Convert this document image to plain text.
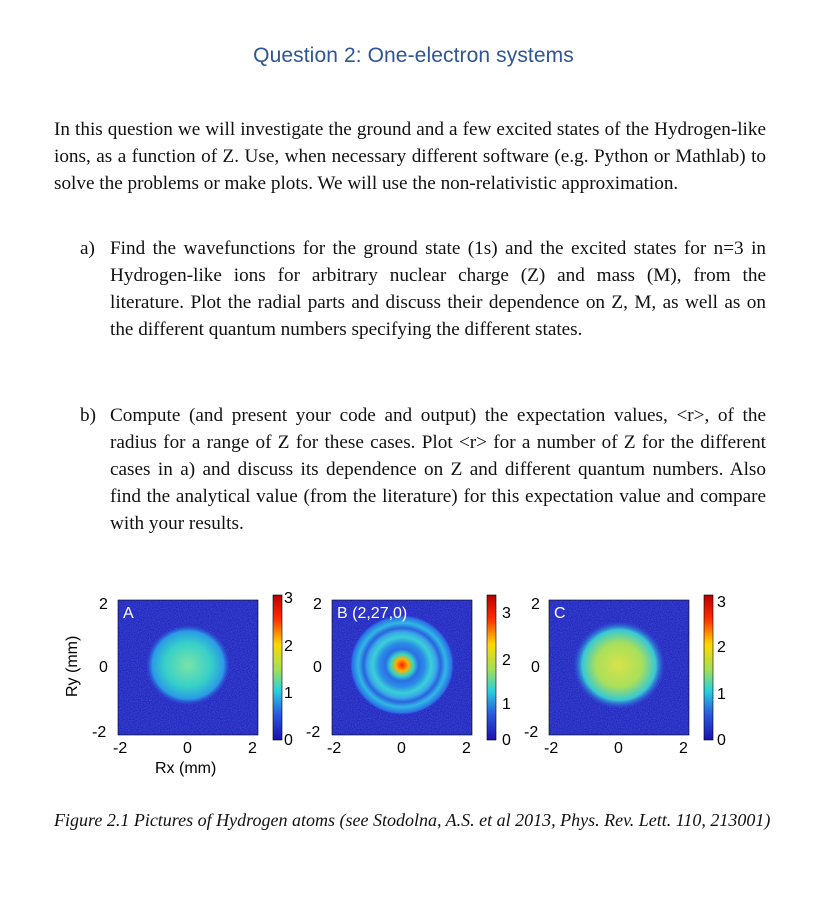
Question 2: One-electron systems
In this question we will investigate the ground and a few excited states of the Hydrogen-like ions, as a function of Z. Use, when necessary different software (e.g. Python or Mathlab) to solve the problems or make plots. We will use the non-relativistic approximation.
a) Find the wavefunctions for the ground state (1s) and the excited states for n=3 in Hydrogen-like ions for arbitrary nuclear charge (Z) and mass (M), from the literature. Plot the radial parts and discuss their dependence on Z, M, as well as on the different quantum numbers specifying the different states.
b) Compute (and present your code and output) the expectation values, <r>, of the radius for a range of Z for these cases. Plot <r> for a number of Z for the different cases in a) and discuss its dependence on Z and different quantum numbers. Also find the analytical value (from the literature) for this expectation value and compare with your results.
A
3
2
1
0
B (2,27,0)	3
2
1
0
C
3
2
1
0
2
0
-2
2
0
-2
2
0
-2
-2	0	2	-2	0	2	-2	0	2
Ry (mm)
Rx (mm)
Figure 2.1 Pictures of Hydrogen atoms (see Stodolna, A.S. et al 2013, Phys. Rev. Lett. 110, 213001)
